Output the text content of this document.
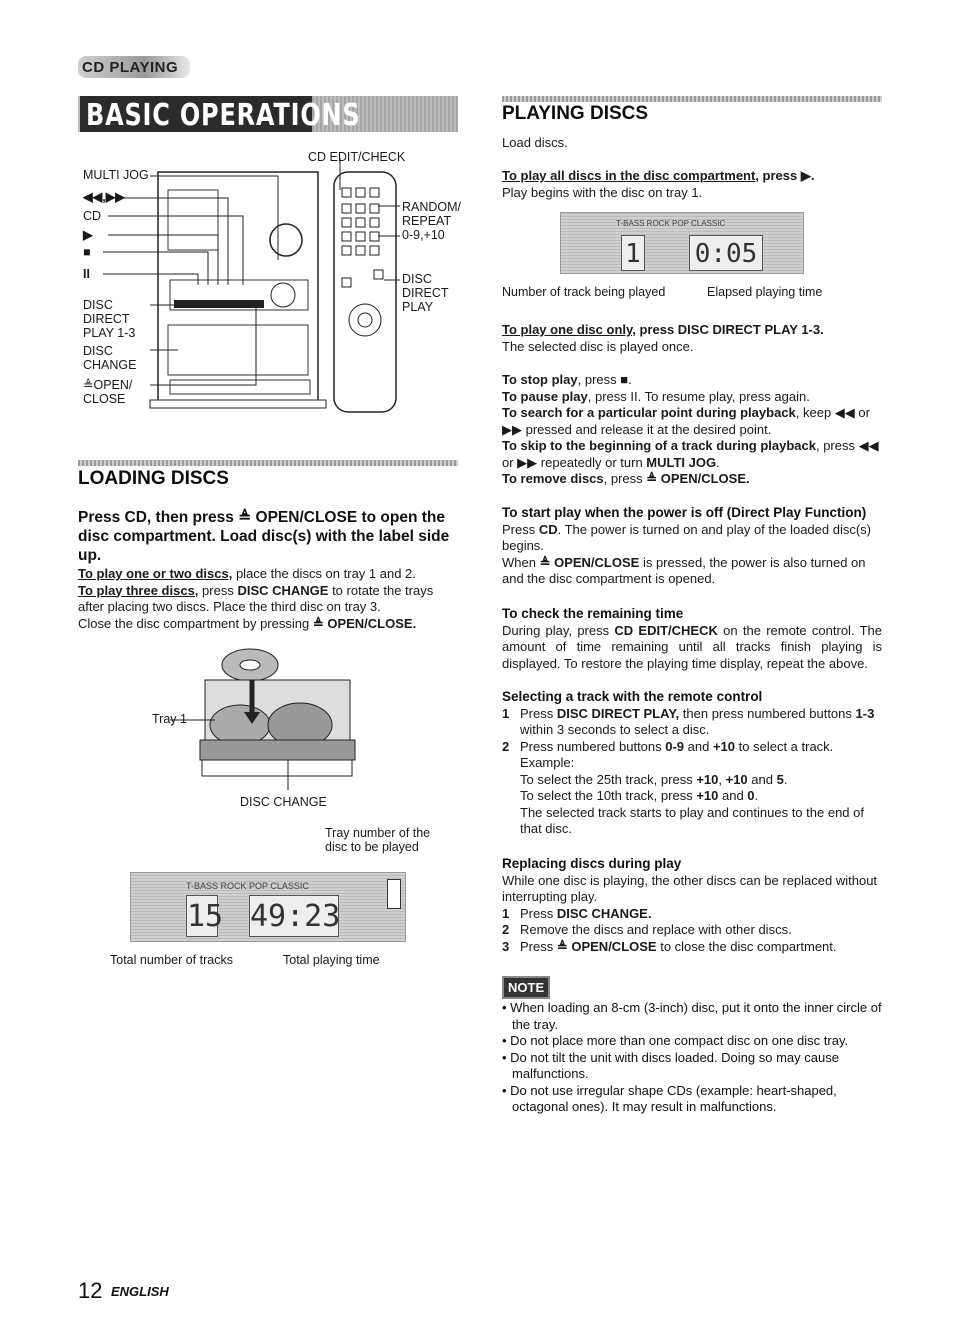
CD PLAYING
BASIC OPERATIONS
MULTI JOG
◀◀,▶▶
CD
▶
■
II
DISC DIRECT PLAY 1-3
DISC CHANGE
≜OPEN/ CLOSE
CD EDIT/CHECK
RANDOM/ REPEAT
0-9,+10
DISC DIRECT PLAY
LOADING DISCS
Press CD, then press ≜ OPEN/CLOSE to open the disc compartment. Load disc(s) with the label side up.
To play one or two discs, place the discs on tray 1 and 2.
To play three discs, press DISC CHANGE to rotate the trays after placing two discs. Place the third disc on tray 3.
Close the disc compartment by pressing ≜ OPEN/CLOSE.
Tray 1
DISC CHANGE
Tray number of the disc to be played
T-BASS ROCK POP CLASSIC
15 49:23
Total number of tracks	Total playing time
PLAYING DISCS
Load discs.
To play all discs in the disc compartment, press ▶.
Play begins with the disc on tray 1.
T-BASS ROCK POP CLASSIC
1 0:05
Number of track being played	Elapsed playing time
To play one disc only, press DISC DIRECT PLAY 1-3.
The selected disc is played once.
To stop play, press ■.
To pause play, press II. To resume play, press again.
To search for a particular point during playback, keep ◀◀ or ▶▶ pressed and release it at the desired point.
To skip to the beginning of a track during playback, press ◀◀ or ▶▶ repeatedly or turn MULTI JOG.
To remove discs, press ≜ OPEN/CLOSE.
To start play when the power is off (Direct Play Function)
Press CD. The power is turned on and play of the loaded disc(s) begins.
When ≜ OPEN/CLOSE is pressed, the power is also turned on and the disc compartment is opened.
To check the remaining time
During play, press CD EDIT/CHECK on the remote control. The amount of time remaining until all tracks finish playing is displayed. To restore the playing time display, repeat the above.
Selecting a track with the remote control
1 Press DISC DIRECT PLAY, then press numbered buttons 1-3 within 3 seconds to select a disc.
2 Press numbered buttons 0-9 and +10 to select a track.
Example:
To select the 25th track, press +10, +10 and 5.
To select the 10th track, press +10 and 0.
The selected track starts to play and continues to the end of that disc.
Replacing discs during play
While one disc is playing, the other discs can be replaced without interrupting play.
1 Press DISC CHANGE.
2 Remove the discs and replace with other discs.
3 Press ≜ OPEN/CLOSE to close the disc compartment.
NOTE
• When loading an 8-cm (3-inch) disc, put it onto the inner circle of the tray.
• Do not place more than one compact disc on one disc tray.
• Do not tilt the unit with discs loaded. Doing so may cause malfunctions.
• Do not use irregular shape CDs (example: heart-shaped, octagonal ones). It may result in malfunctions.
12 ENGLISH
